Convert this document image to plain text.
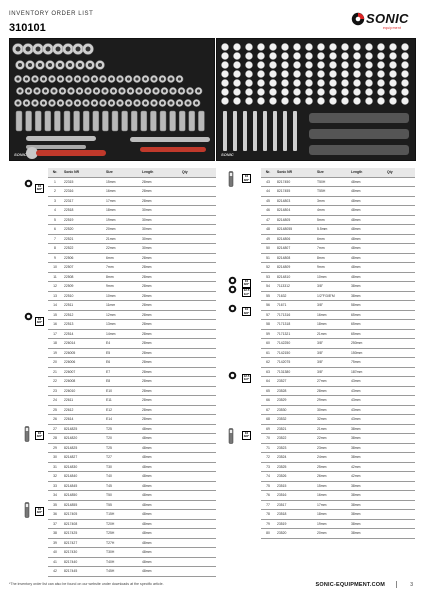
INVENTORY ORDER LIST
310101
SONIC
equipment
SONIC	SONIC
10
3/8"
10
3/8"
10
3/8"
10
3/8"
10
3/8"
10
3/8"
12.5
1/2"
10
3/8"
12.5
1/2"
10
3/8"
Nr.	Sonic NR	Size	Length	Qty
1	22315	15mm	28mm	
2	22316	16mm	28mm	
3	22317	17mm	28mm	
4	22518	18mm	30mm	
5	22519	19mm	30mm	
6	22520	20mm	30mm	
7	22521	21mm	30mm	
8	22522	22mm	30mm	
9	22506	6mm	28mm	
10	22507	7mm	28mm	
11	22508	8mm	28mm	
12	22509	9mm	28mm	
13	22510	10mm	28mm	
14	22511	11mm	28mm	
15	22512	12mm	28mm	
16	22513	13mm	28mm	
17	22514	14mm	28mm	
18	226014	E4	28mm	
19	226005	E5	28mm	
20	226006	E6	28mm	
21	226007	E7	28mm	
22	226008	E8	28mm	
23	226010	E10	28mm	
24	22611	E11	28mm	
25	22612	E12	28mm	
26	22614	E14	28mm	
27	8214825	T25	48mm	
28	8214820	T20	48mm	
29	8214825	T25	48mm	
30	8214827	T27	48mm	
31	8214830	T30	48mm	
32	8214840	T40	48mm	
33	8214845	T45	48mm	
34	8214850	T50	48mm	
35	8214855	T55	48mm	
36	8217405	T15H	48mm	
37	8217408	T20H	48mm	
38	8217425	T25H	48mm	
39	8217427	T27H	48mm	
40	8217430	T30H	48mm	
41	8217440	T40H	48mm	
42	8217445	T45H	48mm	
Nr.	Sonic NR	Size	Length	Qty
43	8217450	T50H	48mm	
44	8217455	T55H	48mm	
45	8214803	3mm	48mm	
46	8214804	4mm	48mm	
47	8214805	5mm	48mm	
48	82148055	5.5mm	48mm	
49	8214806	6mm	48mm	
50	8214807	7mm	48mm	
51	8214808	8mm	48mm	
52	8214809	9mm	48mm	
53	8214810	10mm	48mm	
54	7113312	3/8"	38mm	
55	71632	1/2"F/3/8"M	38mm	
56	71671	3/8"	58mm	
57	7171316	16mm	65mm	
58	7171318	18mm	65mm	
59	7171321	21mm	65mm	
60	7142250	3/8"	250mm	
61	7142150	3/8"	150mm	
62	7142075	3/8"	75mm	
63	7131380	3/8"	187mm	
64	23527	27mm	43mm	
65	23528	28mm	43mm	
66	23529	29mm	43mm	
67	23530	30mm	43mm	
68	23532	32mm	43mm	
69	23521	21mm	38mm	
70	23522	22mm	38mm	
71	23523	23mm	38mm	
72	23524	24mm	38mm	
73	23525	25mm	42mm	
74	23526	26mm	42mm	
75	23515	15mm	38mm	
76	23516	16mm	38mm	
77	23517	17mm	38mm	
78	23518	18mm	38mm	
79	23519	19mm	38mm	
80	23520	20mm	38mm	
*The inventory order list can also be found on our website under downloads at the specific article.	SONIC-EQUIPMENT.COM	3
